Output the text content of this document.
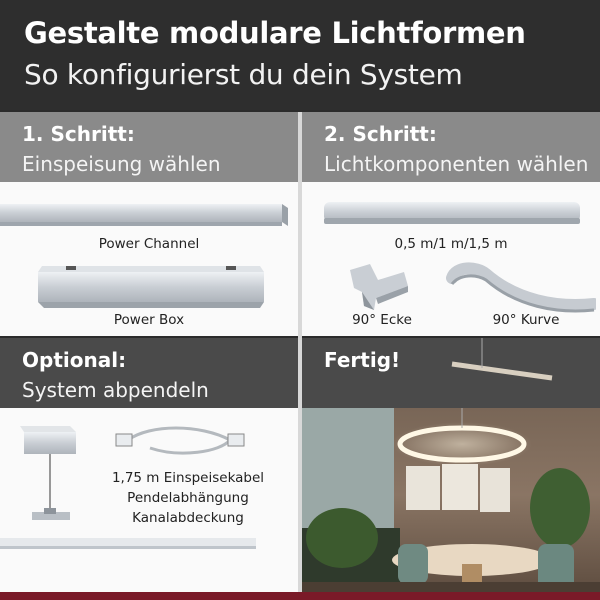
Gestalte modulare Lichtformen
So konfigurierst du dein System
1. Schritt:
Einspeisung wählen
Power Channel
Power Box
2. Schritt:
Lichtkomponenten wählen
0,5 m/1 m/1,5 m
90° Ecke	90° Kurve
Optional:
System abpendeln
1,75 m Einspeisekabel
Pendelabhängung
Kanalabdeckung
Fertig!
